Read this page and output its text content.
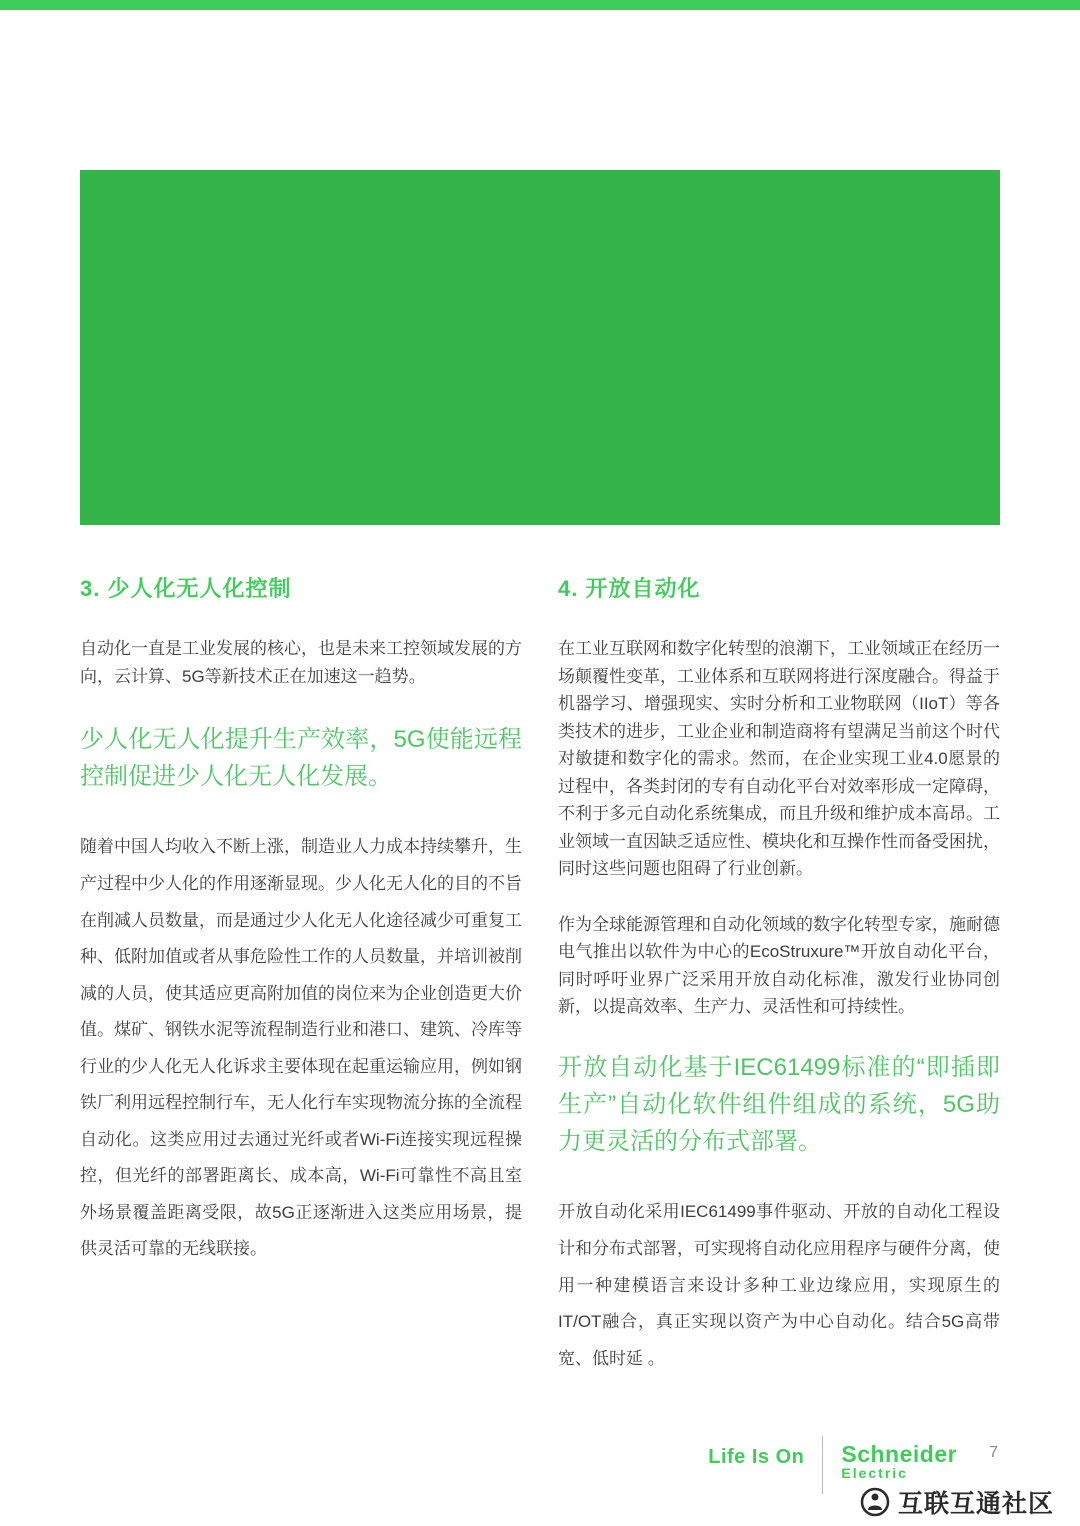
3. 少人化无人化控制

自动化一直是工业发展的核心，也是未来工控领域发展的方向，云计算、5G等新技术正在加速这一趋势。

少人化无人化提升生产效率，5G使能远程控制促进少人化无人化发展。

随着中国人均收入不断上涨，制造业人力成本持续攀升，生产过程中少人化的作用逐渐显现。少人化无人化的目的不旨在削减人员数量，而是通过少人化无人化途径减少可重复工种、低附加值或者从事危险性工作的人员数量，并培训被削减的人员，使其适应更高附加值的岗位来为企业创造更大价值。煤矿、钢铁水泥等流程制造行业和港口、建筑、冷库等行业的少人化无人化诉求主要体现在起重运输应用，例如钢铁厂利用远程控制行车，无人化行车实现物流分拣的全流程自动化。这类应用过去通过光纤或者Wi-Fi连接实现远程操控，但光纤的部署距离长、成本高，Wi-Fi可靠性不高且室外场景覆盖距离受限，故5G正逐渐进入这类应用场景，提供灵活可靠的无线联接。

4. 开放自动化

在工业互联网和数字化转型的浪潮下，工业领域正在经历一场颠覆性变革，工业体系和互联网将进行深度融合。得益于机器学习、增强现实、实时分析和工业物联网（IIoT）等各类技术的进步，工业企业和制造商将有望满足当前这个时代对敏捷和数字化的需求。然而，在企业实现工业4.0愿景的过程中，各类封闭的专有自动化平台对效率形成一定障碍，不利于多元自动化系统集成，而且升级和维护成本高昂。工业领域一直因缺乏适应性、模块化和互操作性而备受困扰，同时这些问题也阻碍了行业创新。

作为全球能源管理和自动化领域的数字化转型专家，施耐德电气推出以软件为中心的EcoStruxure™开放自动化平台，同时呼吁业界广泛采用开放自动化标准，激发行业协同创新，以提高效率、生产力、灵活性和可持续性。

开放自动化基于IEC61499标准的“即插即生产”自动化软件组件组成的系统，5G助力更灵活的分布式部署。

开放自动化采用IEC61499事件驱动、开放的自动化工程设计和分布式部署，可实现将自动化应用程序与硬件分离，使用一种建模语言来设计多种工业边缘应用，实现原生的IT/OT融合，真正实现以资产为中心自动化。结合5G高带宽、低时延 。

Life Is On Schneider
Electric
7
互联互通社区
